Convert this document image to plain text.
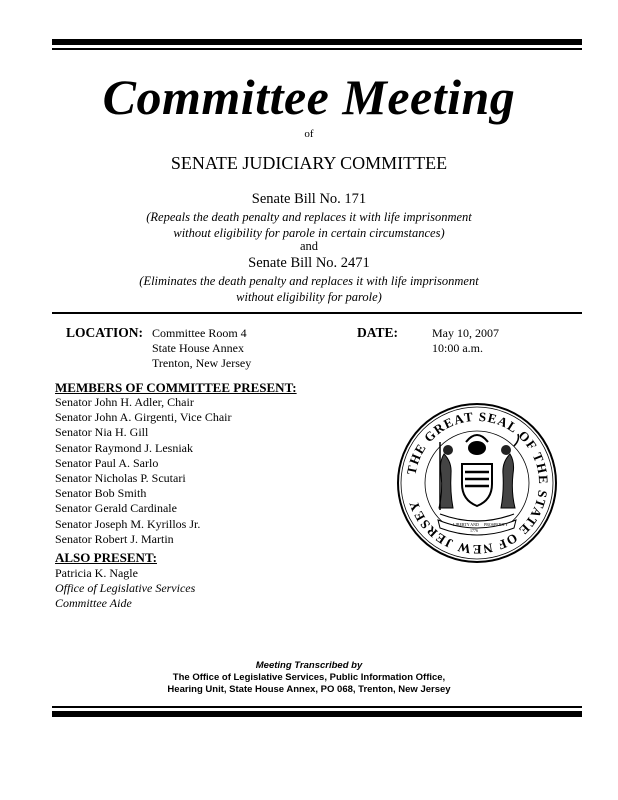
Committee Meeting
of
SENATE JUDICIARY COMMITTEE
Senate Bill No. 171
(Repeals the death penalty and replaces it with life imprisonment
without eligibility for parole in certain circumstances)
and
Senate Bill No. 2471
(Eliminates the death penalty and replaces it with life imprisonment
without eligibility for parole)
LOCATION: Committee Room 4
State House Annex
Trenton, New Jersey
DATE:	May 10, 2007
10:00 a.m.
MEMBERS OF COMMITTEE PRESENT:
Senator John H. Adler, Chair
Senator John A. Girgenti, Vice Chair
Senator Nia H. Gill
Senator Raymond J. Lesniak
Senator Paul A. Sarlo
Senator Nicholas P. Scutari
Senator Bob Smith
Senator Gerald Cardinale
Senator Joseph M. Kyrillos Jr.
Senator Robert J. Martin
ALSO PRESENT:
Patricia K. Nagle
Office of Legislative Services
Committee Aide
THE GREAT SEAL OF THE STATE OF NEW JERSEY
LIBERTY AND PROSPERITY
1776
Meeting Transcribed by
The Office of Legislative Services, Public Information Office,
Hearing Unit, State House Annex, PO 068, Trenton, New Jersey
